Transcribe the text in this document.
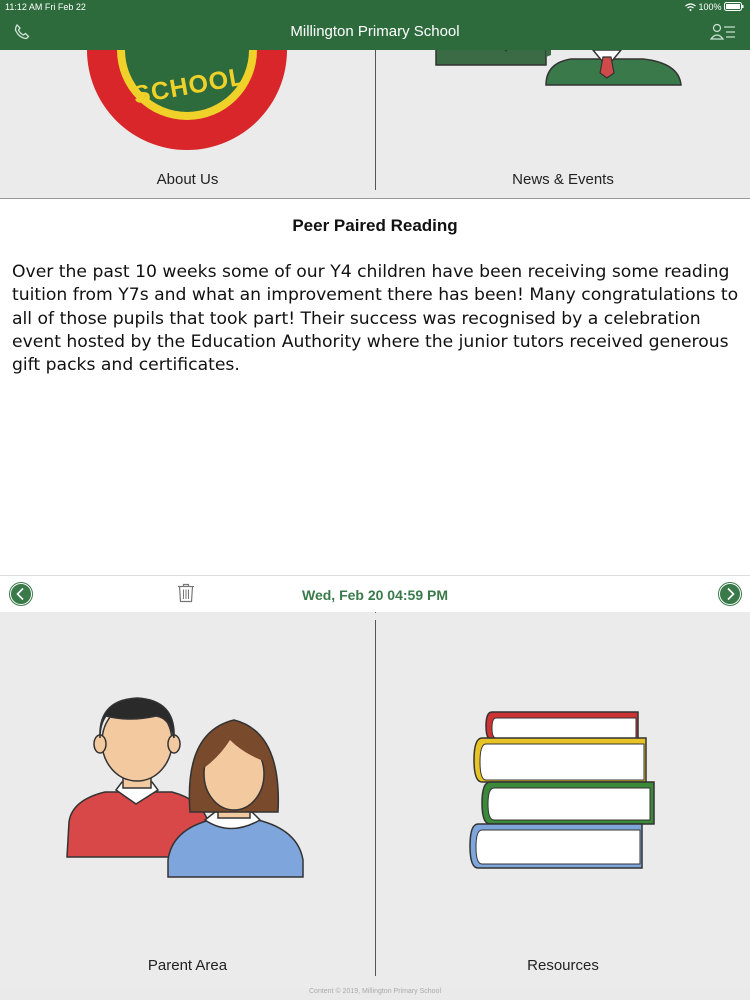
11:12 AM Fri Feb 22	100%
Millington Primary School
SCHOOL
About Us	News & Events
Peer Paired Reading

Over the past 10 weeks some of our Y4 children have been receiving some reading tuition from Y7s and what an improvement there has been! Many congratulations to all of those pupils that took part! Their success was recognised by a celebration event hosted by the Education Authority where the junior tutors received generous gift packs and certificates.

Wed, Feb 20 04:59 PM
Parent Area	Resources
Content © 2019, Millington Primary School
